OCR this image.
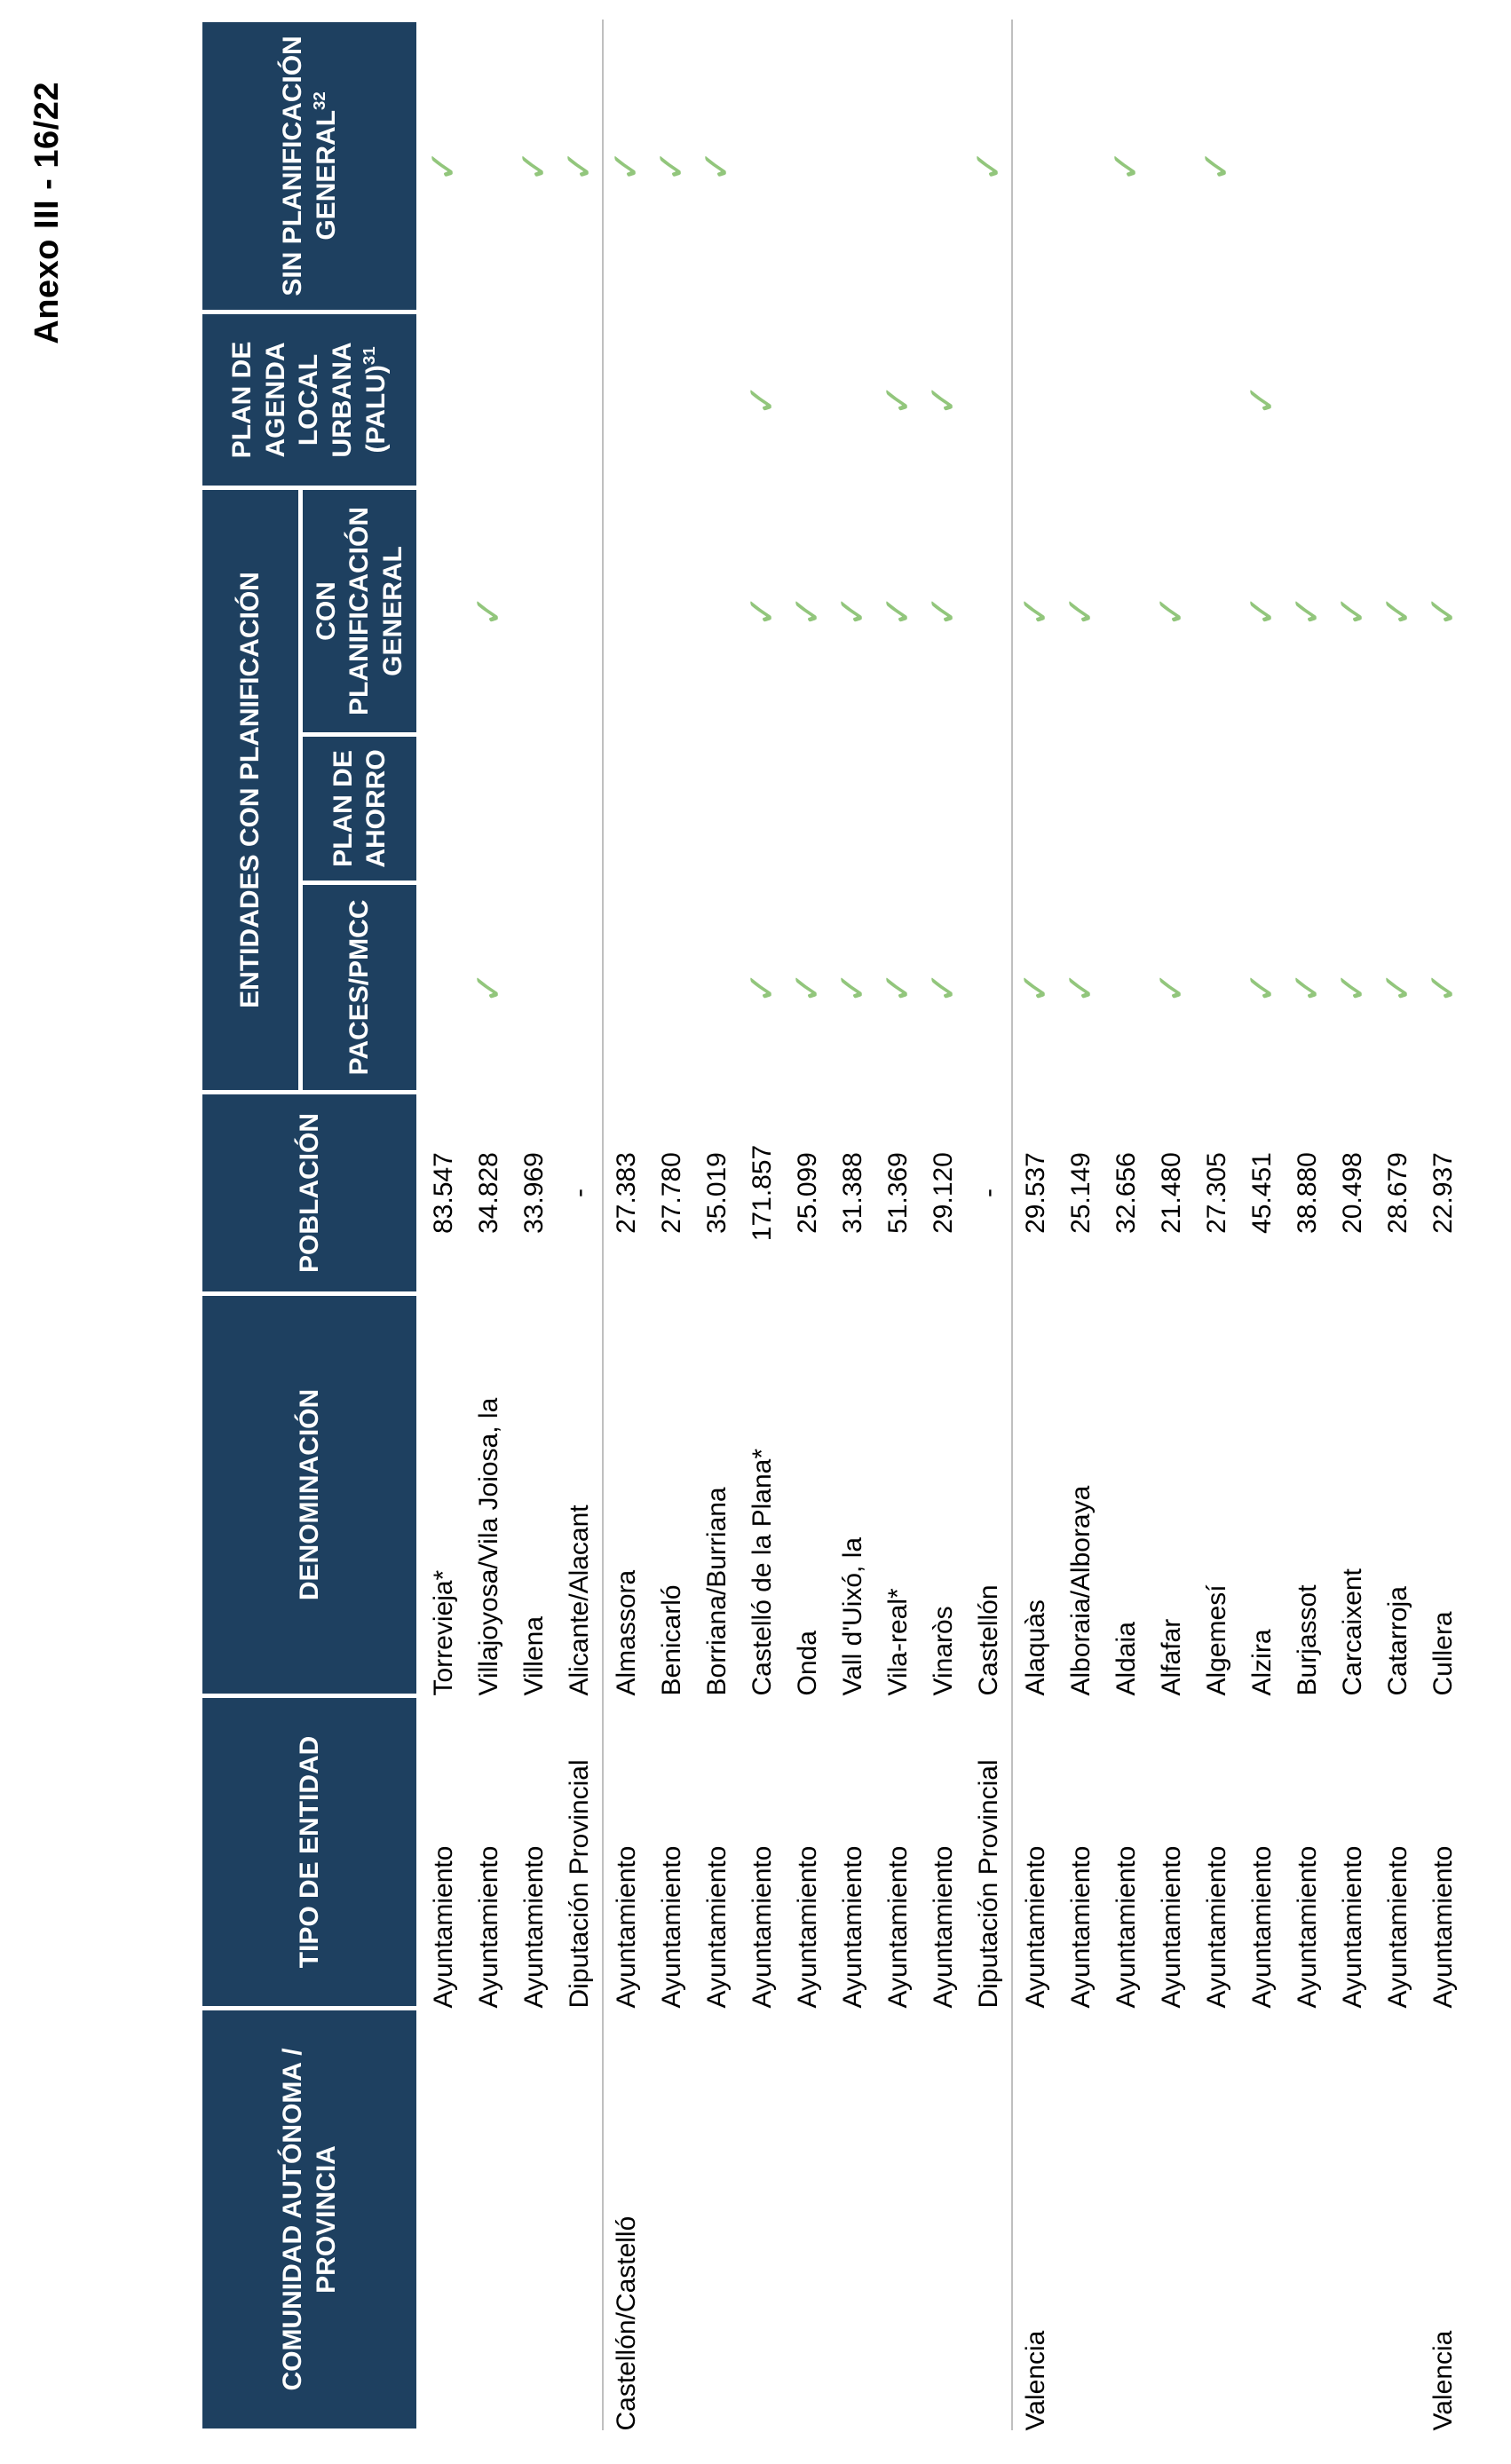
Anexo III - 16/22
COMUNIDAD AUTÓNOMA / PROVINCIA	TIPO DE ENTIDAD	DENOMINACIÓN	POBLACIÓN	ENTIDADES CON PLANIFICACIÓN			PLAN DE AGENDA LOCAL URBANA (PALU)$^{31}$	SIN PLANIFICACIÓN GENERAL$^{32}$
				PACES/PMCC	PLAN DE AHORRO	CON PLANIFICACIÓN GENERAL		
	Ayuntamiento	Torrevieja*	83.547					✓
	Ayuntamiento	Villajoyosa/Vila Joiosa, la	34.828	✓		✓		
	Ayuntamiento	Villena	33.969					✓
	Diputación Provincial	Alicante/Alacant	-					✓
Castellón/Castelló	Ayuntamiento	Almassora	27.383					✓
	Ayuntamiento	Benicarló	27.780					✓
	Ayuntamiento	Borriana/Burriana	35.019					✓
	Ayuntamiento	Castelló de la Plana*	171.857	✓		✓	✓	
	Ayuntamiento	Onda	25.099	✓		✓		
	Ayuntamiento	Vall d'Uixó, la	31.388	✓		✓		
	Ayuntamiento	Vila-real*	51.369	✓		✓	✓	
	Ayuntamiento	Vinaròs	29.120	✓		✓	✓	
	Diputación Provincial	Castellón	-					✓
Valencia	Ayuntamiento	Alaquàs	29.537	✓		✓		
	Ayuntamiento	Alboraia/Alboraya	25.149	✓		✓		
	Ayuntamiento	Aldaia	32.656					✓
	Ayuntamiento	Alfafar	21.480	✓		✓		
	Ayuntamiento	Algemesí	27.305					✓
	Ayuntamiento	Alzira	45.451	✓		✓	✓	
	Ayuntamiento	Burjassot	38.880	✓		✓		
	Ayuntamiento	Carcaixent	20.498	✓		✓		
	Ayuntamiento	Catarroja	28.679	✓		✓		
Valencia	Ayuntamiento	Cullera	22.937	✓		✓		
